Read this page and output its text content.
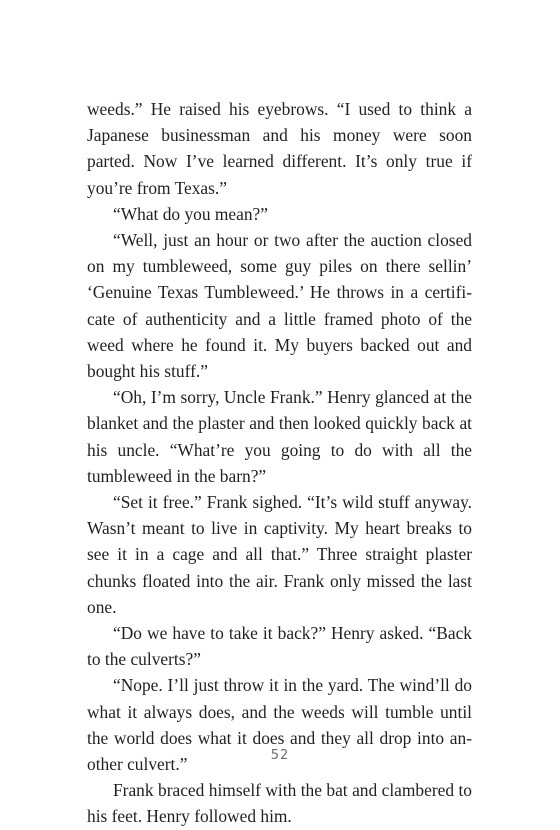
weeds.” He raised his eyebrows. “I used to think a Japanese businessman and his money were soon parted. Now I’ve learned different. It’s only true if you’re from Texas.”

“What do you mean?”

“Well, just an hour or two after the auction closed on my tumbleweed, some guy piles on there sellin’ ‘Genuine Texas Tumbleweed.’ He throws in a certificate of authenticity and a little framed photo of the weed where he found it. My buyers backed out and bought his stuff.”

“Oh, I’m sorry, Uncle Frank.” Henry glanced at the blanket and the plaster and then looked quickly back at his uncle. “What’re you going to do with all the tumbleweed in the barn?”

“Set it free.” Frank sighed. “It’s wild stuff anyway. Wasn’t meant to live in captivity. My heart breaks to see it in a cage and all that.” Three straight plaster chunks floated into the air. Frank only missed the last one.

“Do we have to take it back?” Henry asked. “Back to the culverts?”

“Nope. I’ll just throw it in the yard. The wind’ll do what it always does, and the weeds will tumble until the world does what it does and they all drop into another culvert.”

Frank braced himself with the bat and clambered to his feet. Henry followed him.

52
